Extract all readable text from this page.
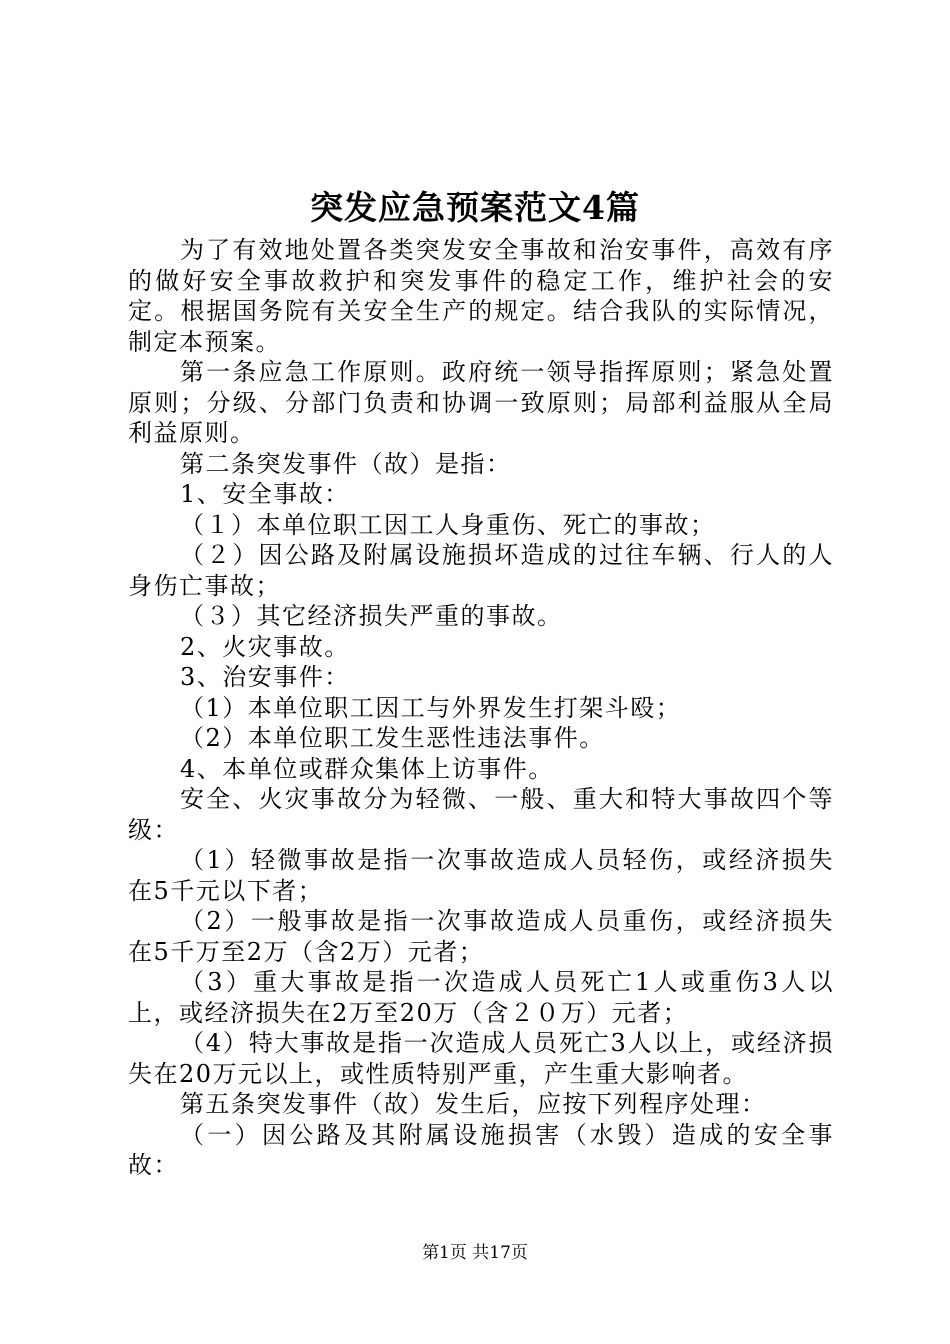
突发应急预案范文4篇

为了有效地处置各类突发安全事故和治安事件，高效有序的做好安全事故救护和突发事件的稳定工作，维护社会的安定。根据国务院有关安全生产的规定。结合我队的实际情况，制定本预案。

第一条应急工作原则。政府统一领导指挥原则；紧急处置原则；分级、分部门负责和协调一致原则；局部利益服从全局利益原则。

第二条突发事件（故）是指：

1、安全事故：

（１）本单位职工因工人身重伤、死亡的事故；

（２）因公路及附属设施损坏造成的过往车辆、行人的人身伤亡事故；

（３）其它经济损失严重的事故。

2、火灾事故。

3、治安事件：

（1）本单位职工因工与外界发生打架斗殴；

（2）本单位职工发生恶性违法事件。

4、本单位或群众集体上访事件。

安全、火灾事故分为轻微、一般、重大和特大事故四个等级：

（1）轻微事故是指一次事故造成人员轻伤，或经济损失在5千元以下者；

（2）一般事故是指一次事故造成人员重伤，或经济损失在5千万至2万（含2万）元者；

（3）重大事故是指一次造成人员死亡1人或重伤3人以上，或经济损失在2万至20万（含２０万）元者；

（4）特大事故是指一次造成人员死亡3人以上，或经济损失在20万元以上，或性质特别严重，产生重大影响者。

第五条突发事件（故）发生后，应按下列程序处理：

（一）因公路及其附属设施损害（水毁）造成的安全事故：

第1页 共17页
